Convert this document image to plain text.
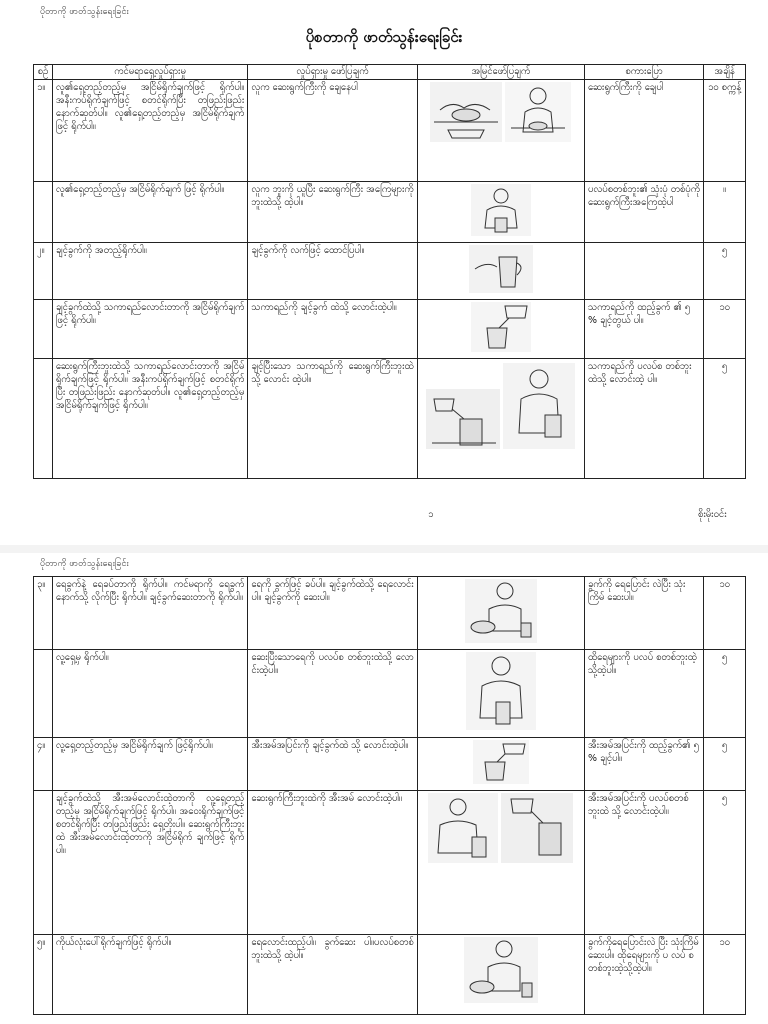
ပိုတာကို ဖာတ်သွန်းရေးခြင်း
ပိုစတာကို ဖာတ်သွန်းရေးခြင်း
စဉ်	ကင်မရာရှေ့လှုပ်ရှားမှု	လှုပ်ရှားမှု ဖော်ပြချက်	အမြင်ဖော်ပြချက်	စကားပြော	အချိန်
၁။	လူ၏ရှေ့တည့်တည့်မှ အငြိမ်ရိုက်ချက်ဖြင့် ရိုက်ပါ။ အနီးကပ်ရိုက်ချက်ဖြင့် စတင်ရိုက်ပြီး တဖြည်းဖြည်း နောက်ဆုတ်ပါ။ လူ၏ရှေ့တည့်တည့်မှ အငြိမ်ရိုက်ချက် ဖြင့် ရိုက်ပါ။	လူက ဆေးရွက်ကြီးကို ချေနေပါ		ဆေးရွက်ကြီးကို ချေပါ	၁၀ စက္ကန့်
	လူ၏ရှေ့တည့်တည့်မှ အငြိမ်ရိုက်ချက် ဖြင့် ရိုက်ပါ။	လူက ဘူးကို ယူပြီး ဆေးရွက်ကြီး အကြေများကို ဘူးထဲသို့ ထဲ့ပါ။		ပလပ်စတစ်ဘူး၏ သုံးပုံ တစ်ပုံကို ဆေးရွက်ကြီးအကြေထဲ့ပါ	။
၂။	ချင့်ခွက်ကို အတည့်ရိုက်ပါ။	ချင့်ခွက်ကို လက်ဖြင့် ထောင်ပြပါ။			၅
	ချင့်ခွက်ထဲသို့ သကာရည်လောင်းတာကို အငြိမ်ရိုက်ချက်ဖြင့် ရိုက်ပါ။	သကာရည်ကို ချင့်ခွက် ထဲသို့ လောင်းထဲ့ပါ။		သကာရည်ကို ထည့်ခွက် ၏ ၅ % ချင့်တွယ် ပါ။	၁၀
	ဆေးရွက်ကြီးဘူးထဲသို့ သကာရည်လောင်းတာကို အငြိမ်ရိုက်ချက်ဖြင့် ရိုက်ပါ။ အနီးကပ်ရိုက်ချက်ဖြင့် စတင်ရိုက်ပြီး တဖြည်းဖြည်း နောက်ဆုတ်ပါ။ လူ၏ရှေ့တည့်တည့်မှ အငြိမ်ရိုက်ချက်ဖြင့် ရိုက်ပါ။	ချင့်ပြီးသော သကာရည်ကို ဆေးရွက်ကြီးဘူးထဲသို့ လောင်း ထဲ့ပါ။		သကာရည်ကို ပလပ်စ တစ်ဘူးထဲသို့ လောင်းထဲ့ ပါ။	၅
၁	စိုးမိုးဝင်း
ပိုတာကို ဖာတ်သွန်းရေးခြင်း
၃။	ရေခွက်နဲ့ ရေခပ်တာကို ရိုက်ပါ။ ကင်မရာကို ရေခွက်နောက်သို့ လိုက်ပြီး ရိုက်ပါ။ ချင့်ခွက်ဆေးတာကို ရိုက်ပါ။	ရေကို ခွက်ဖြင့် ခပ်ပါ။ ချင့်ခွက်ထဲသို့ ရေလောင်းပါ။ ချင့်ခွက်ကို ဆေးပါ။		ခွက်ကို ရေပြောင်း လဲပြီး သုံးကြိမ် ဆေးပါ။	၁၀
	လူ့ရှေ့မှ ရိုက်ပါ။	ဆေးပြီးသောရေကို ပလပ်စ တစ်ဘူးထဲသို့ လောင်းထဲ့ပါ။		ထိုရေများကို ပလပ် စတစ်ဘူးထဲ့သို့ထဲ့ပါ။	၅
၄။	လူ့ရှေ့တည့်တည့်မှ အငြိမ်ရိုက်ချက် ဖြင့်ရိုက်ပါ။	အီးအမ်အပြင်းကို ချင့်ခွက်ထဲ သို့ လောင်းထဲ့ပါ။		အီးအမ်အပြင်းကို ထည့်ခွက်၏ ၅ % ချင့်ပါ။	၅
	ချင့်ခွက်ထဲသို့ အီးအမ်လောင်းထဲ့တာကို လူ့ရှေ့တည့်တည့်မှ အငြိမ်ရိုက်ချက်ဖြင့် ရိုက်ပါ။ အဝေးရိုက်ချက်ဖြင့် စတင်ရိုက်ပြီး တဖြည်းဖြည်း ရှေ့တိုးပါ။ ဆေးရွက်ကြီးဘူးထဲ အီးအမ်လောင်းထဲ့တာကို အငြိမ်ရိုက် ချက်ဖြင့် ရိုက်ပါ။	ဆေးရွက်ကြီးဘူးထဲကို အီးအမ် လောင်းထဲ့ပါ။		အီးအမ်အပြင်းကို ပလပ်စတစ်ဘူးထဲ သို့ လောင်းထဲ့ပါ။	၅
၅။	ကိုယ်လုံးပေါ်ရိုက်ချက်ဖြင့် ရိုက်ပါ။	ရေလောင်းထည့်ပါ။ ခွက်ဆေး ပါ။ပလပ်စတစ်ဘူးထဲသို့ ထဲ့ပါ။		ခွက်ကိုရေပြောင်းလဲ ပြီး သုံးကြိမ် ဆေးပါ။ ထိုရေများကို ပ လပ် စတစ်ဘူးထဲ့သို့ထဲ့ပါ။	၁၀
